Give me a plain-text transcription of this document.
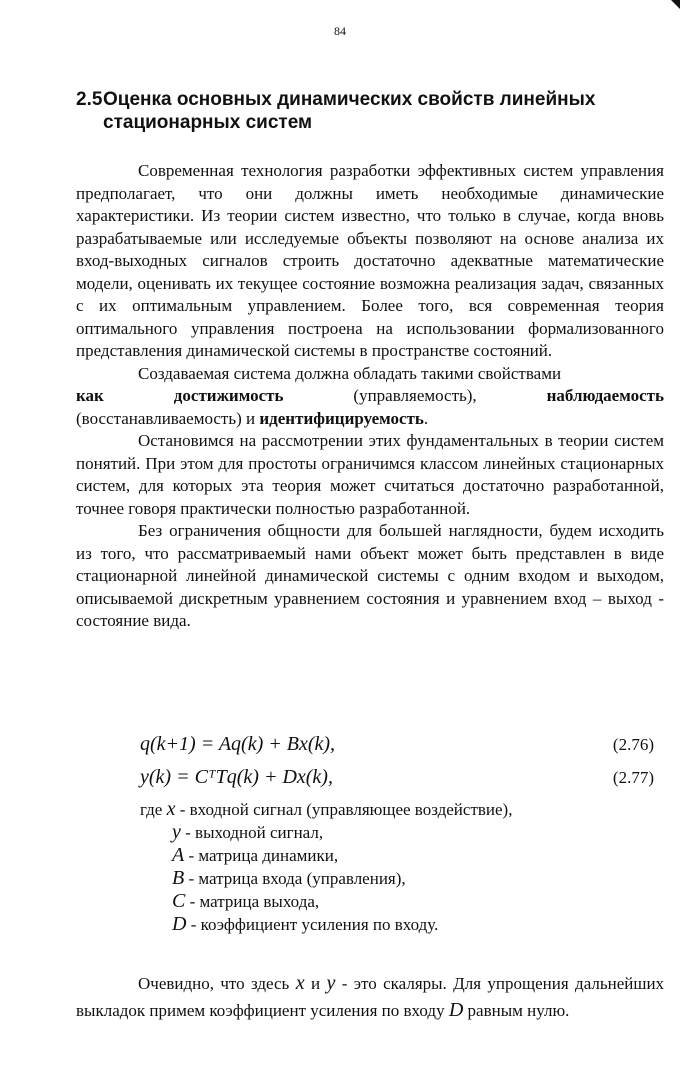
84
2.5Оценка основных динамических свойств линейных
стационарных систем

Современная технология разработки эффективных систем управления предполагает, что они должны иметь необходимые динамические характеристики. Из теории систем известно, что только в случае, когда вновь разрабатываемые или исследуемые объекты позволяют на основе анализа их вход-выходных сигналов строить достаточно адекватные математические модели, оценивать их текущее состояние возможна реализация задач, связанных с их оптимальным управлением. Более того, вся современная теория оптимального управления построена на использовании формализованного представления динамической системы в пространстве состояний.

Создаваемая система должна обладать такими свойствами

как	достижимость	(управляемость),	наблюдаемость
(восстанавливаемость) и идентифицируемость.

Остановимся на рассмотрении этих фундаментальных в теории систем понятий. При этом для простоты ограничимся классом линейных стационарных систем, для которых эта теория может считаться достаточно разработанной, точнее говоря практически полностью разработанной.

Без ограничения общности для большей наглядности, будем исходить из того, что рассматриваемый нами объект может быть представлен в виде стационарной линейной динамической системы с одним входом и выходом, описываемой дискретным уравнением состояния и уравнением вход – выход - состояние вида.

q(k+1) = Aq(k) + Bx(k),	(2.76)
y(k) = CᵀTq(k) + Dx(k),	(2.77)
где x - входной сигнал (управляющее воздействие),
y - выходной сигнал,
A - матрица динамики,
B - матрица входа (управления),
C - матрица выхода,
D - коэффициент усиления по входу.

Очевидно, что здесь x и y - это скаляры. Для упрощения дальнейших выкладок примем коэффициент усиления по входу D равным нулю.
